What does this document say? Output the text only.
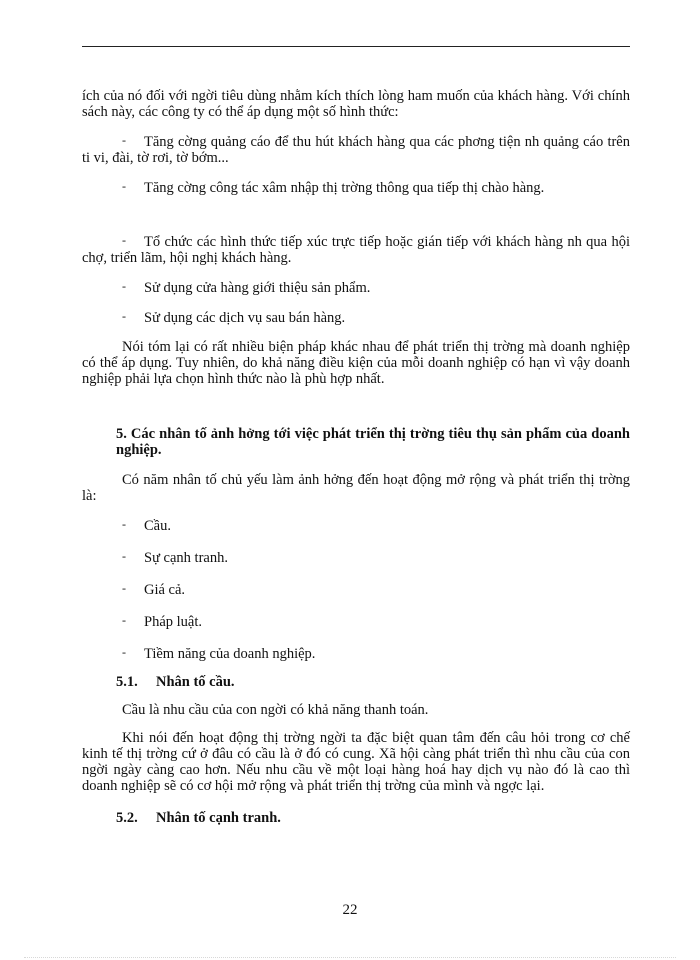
ích của nó đối với ngời tiêu dùng nhằm kích thích lòng ham muốn của khách hàng. Với chính sách này, các công ty có thể áp dụng một số hình thức:

- Tăng cờng quảng cáo để thu hút khách hàng qua các phơng tiện nh quảng cáo trên ti vi, đài, tờ rơi, tờ bớm...

- Tăng cờng công tác xâm nhập thị trờng thông qua tiếp thị chào hàng.

- Tổ chức các hình thức tiếp xúc trực tiếp hoặc gián tiếp với khách hàng nh qua hội chợ, triển lãm, hội nghị khách hàng.

- Sử dụng cửa hàng giới thiệu sản phẩm.

- Sử dụng các dịch vụ sau bán hàng.

Nói tóm lại có rất nhiều biện pháp khác nhau để phát triển thị trờng mà doanh nghiệp có thể áp dụng. Tuy nhiên, do khả năng điều kiện của mỗi doanh nghiệp có hạn vì vậy doanh nghiệp phải lựa chọn hình thức nào là phù hợp nhất.

5. Các nhân tố ảnh hởng tới việc phát triển thị trờng tiêu thụ sản phẩm của doanh nghiệp.

Có năm nhân tố chủ yếu làm ảnh hởng đến hoạt động mở rộng và phát triển thị trờng là:

- Cầu.

- Sự cạnh tranh.

- Giá cả.

- Pháp luật.

- Tiềm năng của doanh nghiệp.

5.1. Nhân tố cầu.

Cầu là nhu cầu của con ngời có khả năng thanh toán.

Khi nói đến hoạt động thị trờng ngời ta đặc biệt quan tâm đến câu hỏi trong cơ chế kinh tế thị trờng cứ ở đâu có cầu là ở đó có cung. Xã hội càng phát triển thì nhu cầu của con ngời ngày càng cao hơn. Nếu nhu cầu về một loại hàng hoá hay dịch vụ nào đó là cao thì doanh nghiệp sẽ có cơ hội mở rộng và phát triển thị trờng của mình và ngợc lại.

5.2. Nhân tố cạnh tranh.

22
